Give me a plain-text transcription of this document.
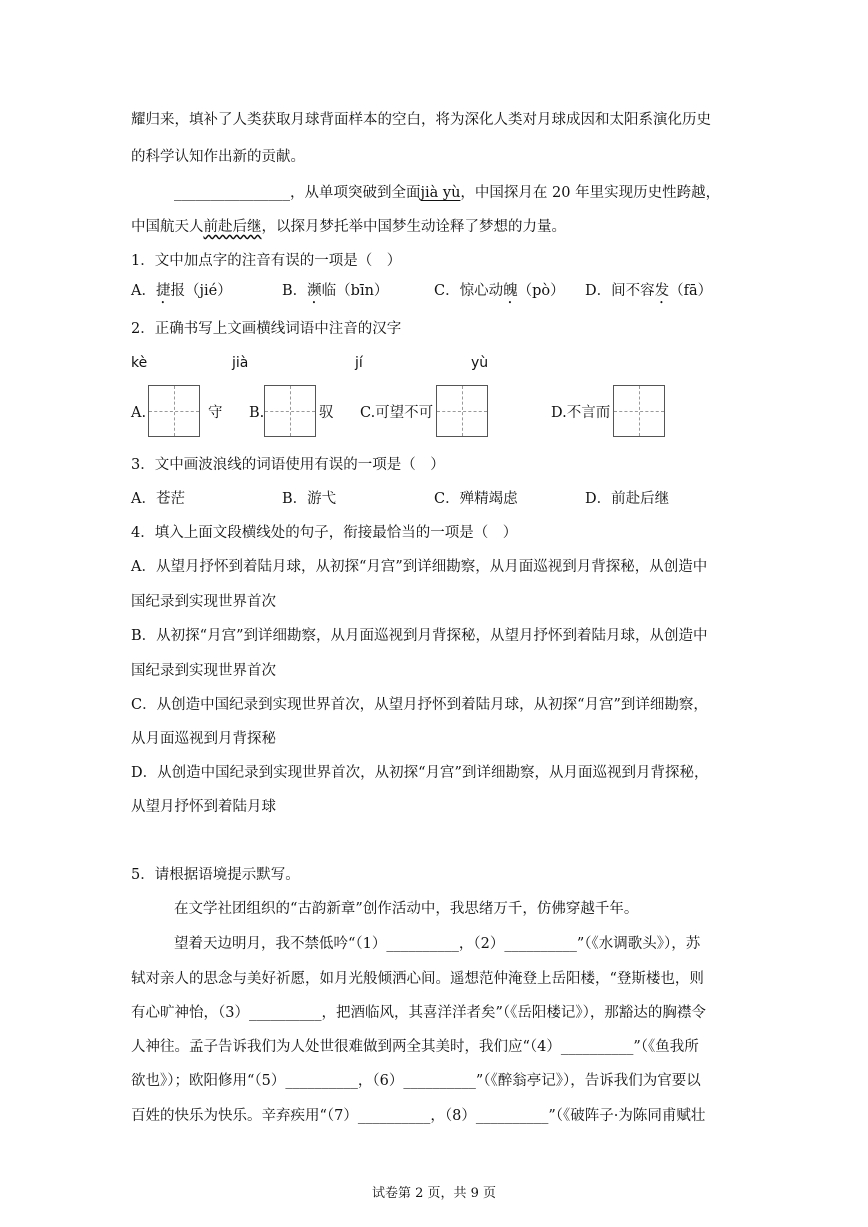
耀归来，填补了人类获取月球背面样本的空白，将为深化人类对月球成因和太阳系演化历史
的科学认知作出新的贡献。
________________，从单项突破到全面jià yù，中国探月在 20 年里实现历史性跨越，
中国航天人前赴后继，以探月梦托举中国梦生动诠释了梦想的力量。
1．文中加点字的注音有误的一项是（　）
A．捷报（jié）	B．濒临（bīn）	C．惊心动魄（pò） D．间不容发（fā）
2．正确书写上文画横线词语中注音的汉字
kè	jià	jí	yù
A.	守 B.	驭 C.可望不可	D.不言而
3．文中画波浪线的词语使用有误的一项是（　）
A．苍茫	B．游弋	C．殚精竭虑	D．前赴后继
4．填入上面文段横线处的句子，衔接最恰当的一项是（　）
A．从望月抒怀到着陆月球，从初探“月宫”到详细勘察，从月面巡视到月背探秘，从创造中
国纪录到实现世界首次
B．从初探“月宫”到详细勘察，从月面巡视到月背探秘，从望月抒怀到着陆月球，从创造中
国纪录到实现世界首次
C．从创造中国纪录到实现世界首次，从望月抒怀到着陆月球，从初探“月宫”到详细勘察，
从月面巡视到月背探秘
D．从创造中国纪录到实现世界首次，从初探“月宫”到详细勘察，从月面巡视到月背探秘，
从望月抒怀到着陆月球
5．请根据语境提示默写。
在文学社团组织的“古韵新章”创作活动中，我思绪万千，仿佛穿越千年。
望着天边明月，我不禁低吟“（1）__________，（2）__________”（《水调歌头》），苏
轼对亲人的思念与美好祈愿，如月光般倾洒心间。遥想范仲淹登上岳阳楼，“登斯楼也，则
有心旷神怡，（3）__________，把酒临风，其喜洋洋者矣”（《岳阳楼记》），那豁达的胸襟令
人神往。孟子告诉我们为人处世很难做到两全其美时，我们应“（4）__________”（《鱼我所
欲也》）；欧阳修用“（5）__________，（6）__________”（《醉翁亭记》），告诉我们为官要以
百姓的快乐为快乐。辛弃疾用“（7）__________，（8）__________”（《破阵子·为陈同甫赋壮
试卷第 2 页，共 9 页
